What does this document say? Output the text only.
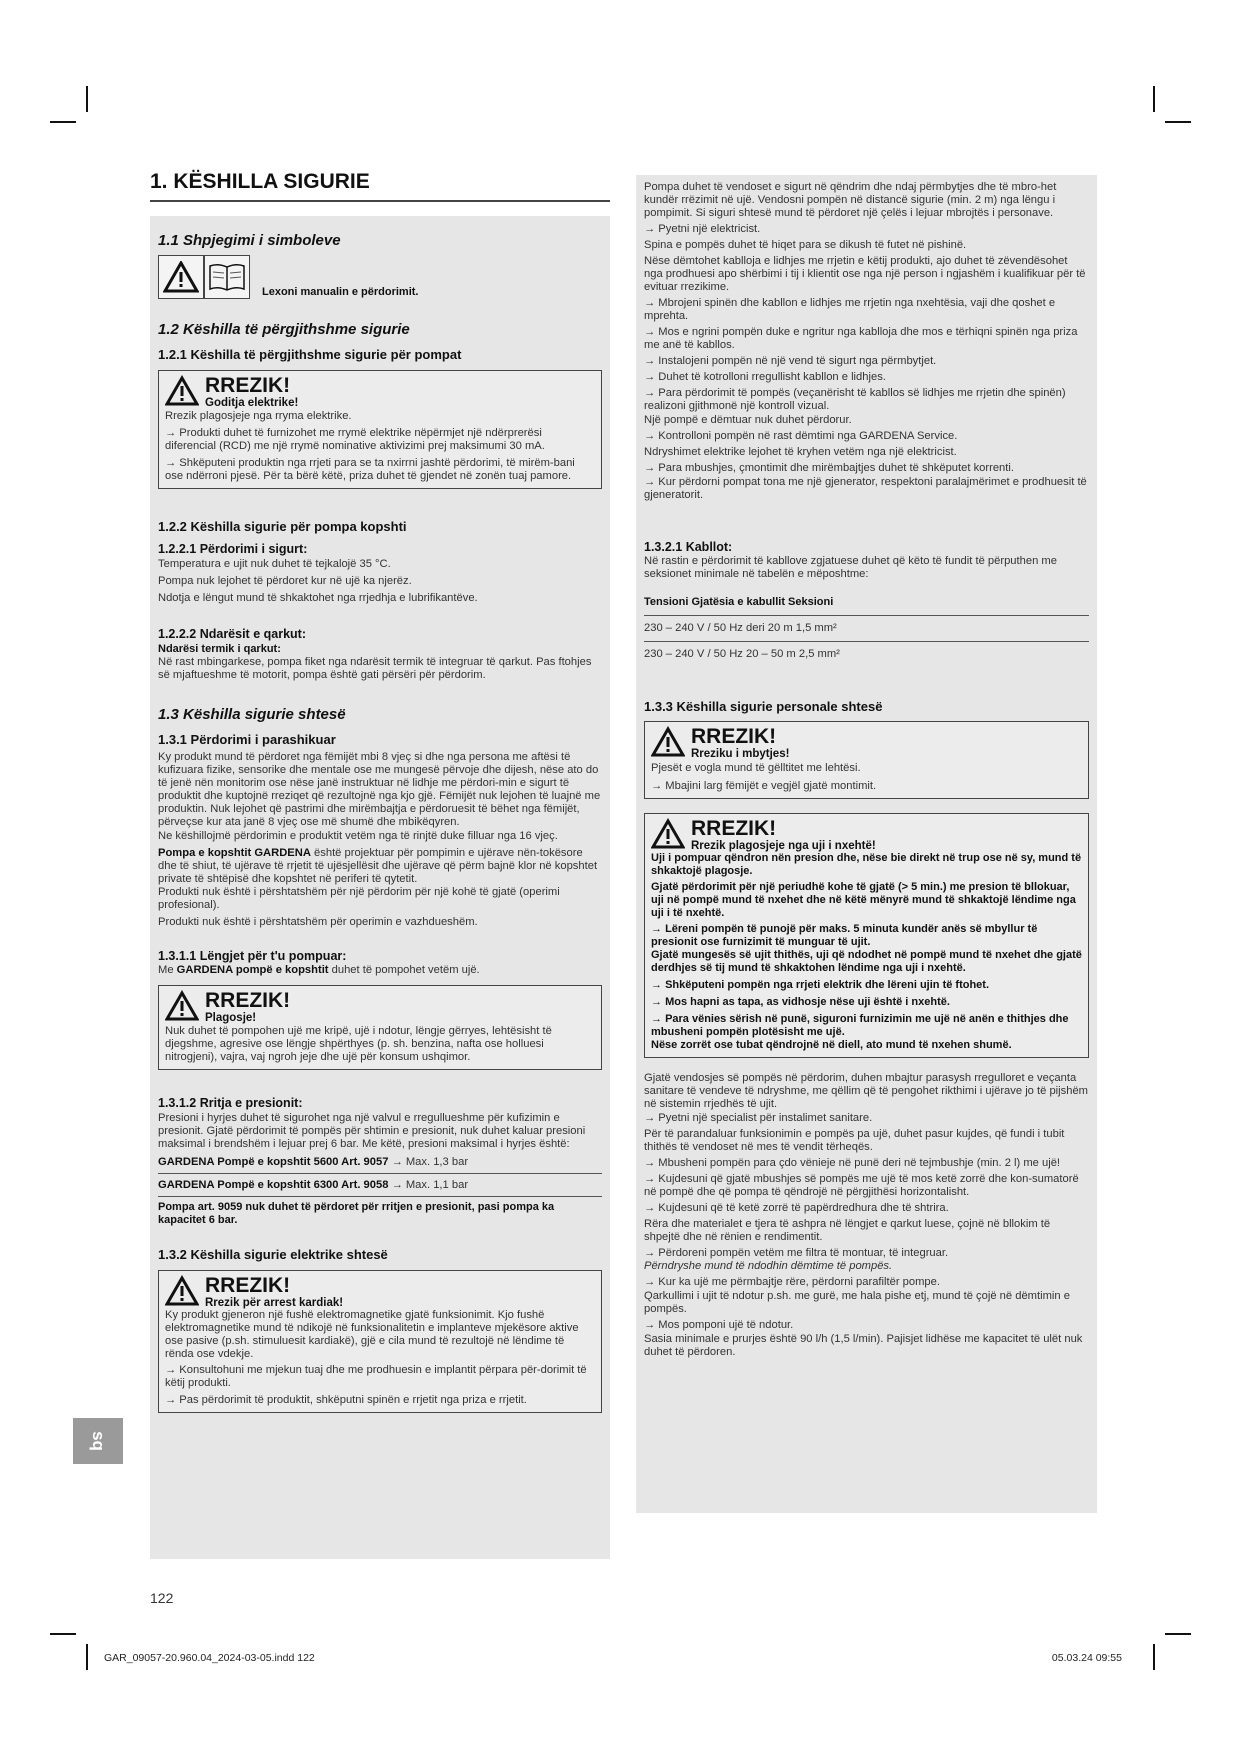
1. KËSHILLA SIGURIE

1.1 Shpjegimi i simboleve

Lexoni manualin e përdorimit.

1.2 Këshilla të përgjithshme sigurie

1.2.1 Këshilla të përgjithshme sigurie për pompat

RREZIK!
Goditja elektrike!

Rrezik plagosjeje nga rryma elektrike.

→ Produkti duhet të furnizohet me rrymë elektrike nëpërmjet një ndërprerësi diferencial (RCD) me një rrymë nominative aktivizimi prej maksimumi 30 mA.

→ Shkëputeni produktin nga rrjeti para se ta nxirrni jashtë përdorimi, të mirëm-bani ose ndërroni pjesë. Për ta bërë këtë, priza duhet të gjendet në zonën tuaj pamore.

1.2.2 Këshilla sigurie për pompa kopshti

1.2.2.1 Përdorimi i sigurt:

Temperatura e ujit nuk duhet të tejkalojë 35 °C.

Pompa nuk lejohet të përdoret kur në ujë ka njerëz.

Ndotja e lëngut mund të shkaktohet nga rrjedhja e lubrifikantëve.

1.2.2.2 Ndarësit e qarkut:

Ndarësi termik i qarkut:

Në rast mbingarkese, pompa fiket nga ndarësit termik të integruar të qarkut. Pas ftohjes së mjaftueshme të motorit, pompa është gati përsëri për përdorim.

1.3 Këshilla sigurie shtesë

1.3.1 Përdorimi i parashikuar

Ky produkt mund të përdoret nga fëmijët mbi 8 vjeç si dhe nga persona me aftësi të kufizuara fizike, sensorike dhe mentale ose me mungesë përvoje dhe dijesh, nëse ato do të jenë nën monitorim ose nëse janë instruktuar në lidhje me përdori-min e sigurt të produktit dhe kuptojnë rreziqet që rezultojnë nga kjo gjë. Fëmijët nuk lejohen të luajnë me produktin. Nuk lejohet që pastrimi dhe mirëmbajtja e përdoruesit të bëhet nga fëmijët, përveçse kur ata janë 8 vjeç ose më shumë dhe mbikëqyren.

Ne këshillojmë përdorimin e produktit vetëm nga të rinjtë duke filluar nga 16 vjeç.

Pompa e kopshtit GARDENA është projektuar për pompimin e ujërave nën-tokësore dhe të shiut, të ujërave të rrjetit të ujësjellësit dhe ujërave që përm bajnë klor në kopshtet private të shtëpisë dhe kopshtet në periferi të qytetit.

Produkti nuk është i përshtatshëm për një përdorim për një kohë të gjatë (operimi profesional).

Produkti nuk është i përshtatshëm për operimin e vazhdueshëm.

1.3.1.1 Lëngjet për t'u pompuar:

Me GARDENA pompë e kopshtit duhet të pompohet vetëm ujë.

RREZIK!
Plagosje!

Nuk duhet të pompohen ujë me kripë, ujë i ndotur, lëngje gërryes, lehtësisht të djegshme, agresive ose lëngje shpërthyes (p. sh. benzina, nafta ose holluesi nitrogjeni), vajra, vaj ngroh jeje dhe ujë për konsum ushqimor.

1.3.1.2 Rritja e presionit:

Presioni i hyrjes duhet të sigurohet nga një valvul e rregullueshme për kufizimin e presionit. Gjatë përdorimit të pompës për shtimin e presionit, nuk duhet kaluar presioni maksimal i brendshëm i lejuar prej 6 bar. Me këtë, presioni maksimal i hyrjes është:

GARDENA Pompë e kopshtit 5600 Art. 9057 → Max. 1,3 bar

GARDENA Pompë e kopshtit 6300 Art. 9058 → Max. 1,1 bar

Pompa art. 9059 nuk duhet të përdoret për rritjen e presionit, pasi pompa ka kapacitet 6 bar.

1.3.2 Këshilla sigurie elektrike shtesë

RREZIK!
Rrezik për arrest kardiak!

Ky produkt gjeneron një fushë elektromagnetike gjatë funksionimit. Kjo fushë elektromagnetike mund të ndikojë në funksionalitetin e implanteve mjekësore aktive ose pasive (p.sh. stimuluesit kardiakë), gjë e cila mund të rezultojë në lëndime të rënda ose vdekje.

→ Konsultohuni me mjekun tuaj dhe me prodhuesin e implantit përpara për-dorimit të këtij produkti.

→ Pas përdorimit të produktit, shkëputni spinën e rrjetit nga priza e rrjetit.

Pompa duhet të vendoset e sigurt në qëndrim dhe ndaj përmbytjes dhe të mbro-het kundër rrëzimit në ujë. Vendosni pompën në distancë sigurie (min. 2 m) nga lëngu i pompimit. Si siguri shtesë mund të përdoret një çelës i lejuar mbrojtës i personave.

→ Pyetni një elektricist.

Spina e pompës duhet të hiqet para se dikush të futet në pishinë.

Nëse dëmtohet kablloja e lidhjes me rrjetin e këtij produkti, ajo duhet të zëvendësohet nga prodhuesi apo shërbimi i tij i klientit ose nga një person i ngjashëm i kualifikuar për të evituar rrezikime.

→ Mbrojeni spinën dhe kabllon e lidhjes me rrjetin nga nxehtësia, vaji dhe qoshet e mprehta.

→ Mos e ngrini pompën duke e ngritur nga kablloja dhe mos e tërhiqni spinën nga priza me anë të kabllos.

→ Instalojeni pompën në një vend të sigurt nga përmbytjet.

→ Duhet të kotrolloni rregullisht kabllon e lidhjes.

→ Para përdorimit të pompës (veçanërisht të kabllos së lidhjes me rrjetin dhe spinën) realizoni gjithmonë një kontroll vizual.

Një pompë e dëmtuar nuk duhet përdorur.

→ Kontrolloni pompën në rast dëmtimi nga GARDENA Service.

Ndryshimet elektrike lejohet të kryhen vetëm nga një elektricist.

→ Para mbushjes, çmontimit dhe mirëmbajtjes duhet të shkëputet korrenti.

→ Kur përdorni pompat tona me një gjenerator, respektoni paralajmërimet e prodhuesit të gjeneratorit.

1.3.2.1 Kabllot:

Në rastin e përdorimit të kabllove zgjatuese duhet që këto të fundit të përputhen me seksionet minimale në tabelën e mëposhtme:

Tensioni Gjatësia e kabullit Seksioni

230 – 240 V / 50 Hz deri 20 m 1,5 mm²

230 – 240 V / 50 Hz 20 – 50 m 2,5 mm²

1.3.3 Këshilla sigurie personale shtesë

RREZIK!
Rreziku i mbytjes!

Pjesët e vogla mund të gëlltitet me lehtësi.

→ Mbajini larg fëmijët e vegjël gjatë montimit.

RREZIK!
Rrezik plagosjeje nga uji i nxehtë!

Uji i pompuar qëndron nën presion dhe, nëse bie direkt në trup ose në sy, mund të shkaktojë plagosje.

Gjatë përdorimit për një periudhë kohe të gjatë (> 5 min.) me presion të bllokuar, uji në pompë mund të nxehet dhe në këtë mënyrë mund të shkaktojë lëndime nga uji i të nxehtë.

→ Lëreni pompën të punojë për maks. 5 minuta kundër anës së mbyllur të presionit ose furnizimit të munguar të ujit.

Gjatë mungesës së ujit thithës, uji që ndodhet në pompë mund të nxehet dhe gjatë derdhjes së tij mund të shkaktohen lëndime nga uji i nxehtë.

→ Shkëputeni pompën nga rrjeti elektrik dhe lëreni ujin të ftohet.

→ Mos hapni as tapa, as vidhosje nëse uji është i nxehtë.

→ Para vënies sërish në punë, siguroni furnizimin me ujë në anën e thithjes dhe mbusheni pompën plotësisht me ujë.

Nëse zorrët ose tubat qëndrojnë në diell, ato mund të nxehen shumë.

Gjatë vendosjes së pompës në përdorim, duhen mbajtur parasysh rregulloret e veçanta sanitare të vendeve të ndryshme, me qëllim që të pengohet rikthimi i ujërave jo të pijshëm në sistemin rrjedhës të ujit.

→ Pyetni një specialist për instalimet sanitare.

Për të parandaluar funksionimin e pompës pa ujë, duhet pasur kujdes, që fundi i tubit thithës të vendoset në mes të vendit tërheqës.

→ Mbusheni pompën para çdo vënieje në punë deri në tejmbushje (min. 2 l) me ujë!

→ Kujdesuni që gjatë mbushjes së pompës me ujë të mos ketë zorrë dhe kon-sumatorë në pompë dhe që pompa të qëndrojë në përgjithësi horizontalisht.

→ Kujdesuni që të ketë zorrë të papërdredhura dhe të shtrira.

Rëra dhe materialet e tjera të ashpra në lëngjet e qarkut luese, çojnë në bllokim të shpejtë dhe në rënien e rendimentit.

→ Përdoreni pompën vetëm me filtra të montuar, të integruar.

Përndryshe mund të ndodhin dëmtime të pompës.

→ Kur ka ujë me përmbajtje rëre, përdorni parafiltër pompe.

Qarkullimi i ujit të ndotur p.sh. me gurë, me hala pishe etj, mund të çojë në dëmtimin e pompës.

→ Mos pomponi ujë të ndotur.

Sasia minimale e prurjes është 90 l/h (1,5 l/min). Pajisjet lidhëse me kapacitet të ulët nuk duhet të përdoren.

sq
122
GAR_09057-20.960.04_2024-03-05.indd 122	05.03.24 09:55
